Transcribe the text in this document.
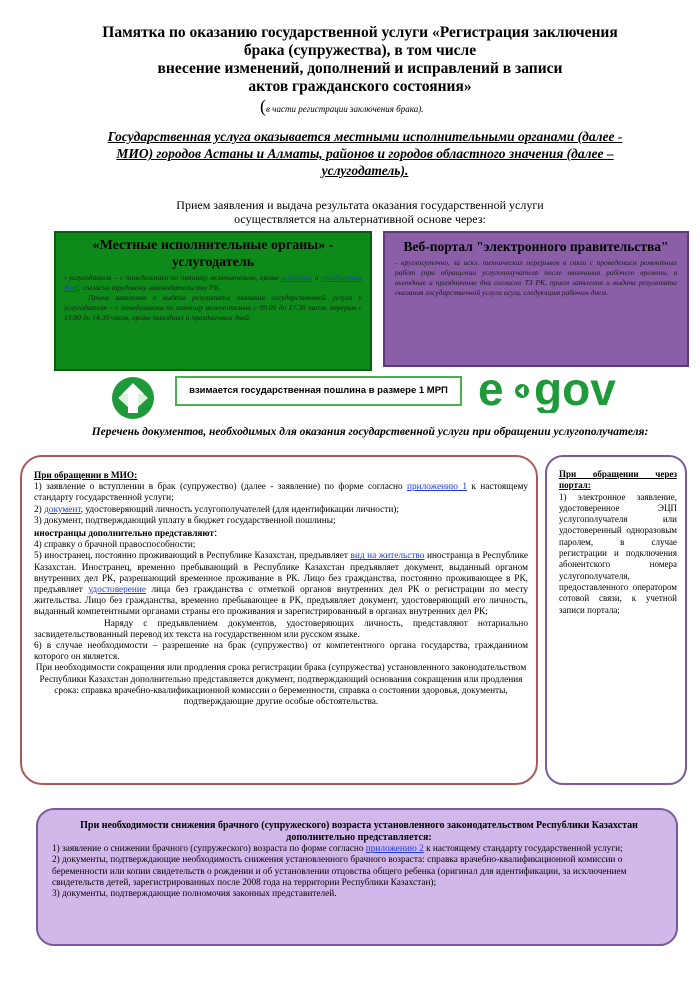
Памятка по оказанию государственной услуги «Регистрация заключения
брака (супружества), в том числе
внесение изменений, дополнений и исправлений в записи
актов гражданского состояния»
(в части регистрации заключения брака).
Государственная услуга оказывается местными исполнительными органами (далее - МИО) городов Астаны и Алматы, районов и городов областного значения (далее – услугодатель).
Прием заявления и выдача результата оказания государственной услуги
осуществляется на альтернативной основе через:
«Местные исполнительные органы» - услугодатель

- услугодателя – с понедельника по пятницу включительно, кроме выходных и праздничных дней, согласно трудовому законодательству РК.

Прием заявления и выдача результата оказания государственной услуги у услугодателя – с понедельника по пятницу включительно с 09.00 до 17.30 часов, перерыв с 13.00 до 14.30 часов, кроме выходных и праздничных дней.

Веб-портал "электронного правительства"

- круглосуточно, за искл. технических перерывов в связи с проведением ремонтных работ (при обращении услугополучателя после окончания рабочего времени, в выходные и праздничные дни согласно ТЗ РК, прием заявления и выдача результата оказания государственной услуги осущ. следующим рабочим днем.

взимается государственная пошлина в размере 1 МРП e gov
Перечень документов, необходимых для оказания государственной услуги при обращении услугополучателя:

При обращении в МИО:

1) заявление о вступлении в брак (супружество) (далее - заявление) по форме согласно приложению 1 к настоящему стандарту государственной услуги;

2) документ, удостоверяющий личность услугополучателей (для идентификации личности);

3) документ, подтверждающий уплату в бюджет государственной пошлины;

иностранцы дополнительно представляют:

4) справку о брачной правоспособности;

5) иностранец, постоянно проживающий в Республике Казахстан, предъявляет вид на жительство иностранца в Республике Казахстан. Иностранец, временно пребывающий в Республике Казахстан предъявляет документ, выданный органом внутренних дел РК, разрешающий временное проживание в РК. Лицо без гражданства, постоянно проживающее в РК, предъявляет удостоверение лица без гражданства с отметкой органов внутренних дел РК о регистрации по месту жительства. Лицо без гражданства, временно пребывающее в РК, предъявляет документ, удостоверяющий его личность, выданный компетентными органами страны его проживания и зарегистрированный в органах внутренних дел РК;

Наряду с предъявлением документов, удостоверяющих личность, представляют нотариально засвидетельствованный перевод их текста на государственном или русском языке.

6) в случае необходимости – разрешение на брак (супружество) от компетентного органа государства, гражданином которого он является.

При необходимости сокращения или продления срока регистрации брака (супружества) установленного законодательством Республики Казахстан дополнительно представляется документ, подтверждающий основания сокращения или продления срока: справка врачебно-квалификационной комиссии о беременности, справка о состоянии здоровья, документы, подтверждающие другие особые обстоятельства.

При обращении через портал:

1) электронное заявление, удостоверенное ЭЦП услугополучателя или удостоверенный одноразовым паролем, в случае регистрации и подключения абонентского номера услугополучателя, предоставленного оператором сотовой связи, к учетной записи портала;

При необходимости снижения брачного (супружеского) возраста установленного законодательством Республики Казахстан дополнительно представляется:

1) заявление о снижении брачного (супружеского) возраста по форме согласно приложению 2 к настоящему стандарту государственной услуги;

2) документы, подтверждающие необходимость снижения установленного брачного возраста: справка врачебно-квалификационной комиссии о беременности или копии свидетельств о рождении и об установлении отцовства общего ребенка (оригинал для идентификации, за исключением свидетельств детей, зарегистрированных после 2008 года на территории Республики Казахстан);

3) документы, подтверждающие полномочия законных представителей.
